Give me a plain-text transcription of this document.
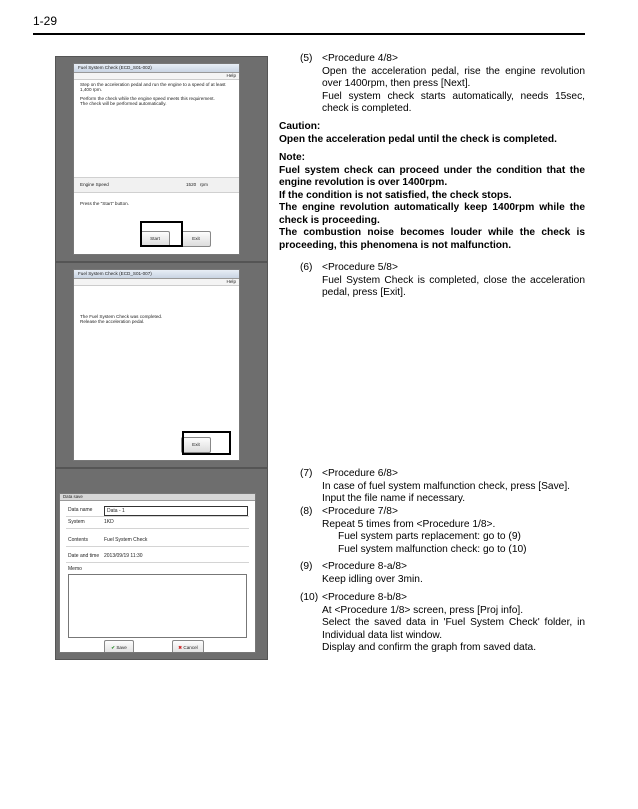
1-29
Fuel System Check (ECD_S01-002)
Help
Step on the acceleration pedal and run the engine to a speed of at least 1,400 rpm.
Perform the check while the engine speed meets this requirement.
The check will be performed automatically.
Engine Speed	1520 rpm
Press the "Start" button.
Start	Exit
Fuel System Check (ECD_S01-007)
Help
The Fuel System Check was completed.
Release the acceleration pedal.
Exit
Data save
Data name	Data - 1
System	1KD
Contents	Fuel System Check
Date and time 2013/09/19 11:30
Memo
✔ Save	✖ Cancel
(5) <Procedure 4/8>

Open the acceleration pedal, rise the engine revolution over 1400rpm, then press [Next].

Fuel system check starts automatically, needs 15sec, check is completed.

Caution:

Open the acceleration pedal until the check is completed.

Note:

Fuel system check can proceed under the condition that the engine revolution is over 1400rpm.

If the condition is not satisfied, the check stops.

The engine revolution automatically keep 1400rpm while the check is proceeding.

The combustion noise becomes louder while the check is proceeding, this phenomena is not malfunction.

(6) <Procedure 5/8>

Fuel System Check is completed, close the acceleration pedal, press [Exit].

(7) <Procedure 6/8>

In case of fuel system malfunction check, press [Save].

Input the file name if necessary.

(8) <Procedure 7/8>

Repeat 5 times from <Procedure 1/8>.

Fuel system parts replacement: go to (9)

Fuel system malfunction check: go to (10)

(9) <Procedure 8-a/8>

Keep idling over 3min.

(10) <Procedure 8-b/8>

At <Procedure 1/8> screen, press [Proj info].

Select the saved data in 'Fuel System Check' folder, in Individual data list window.

Display and confirm the graph from saved data.
